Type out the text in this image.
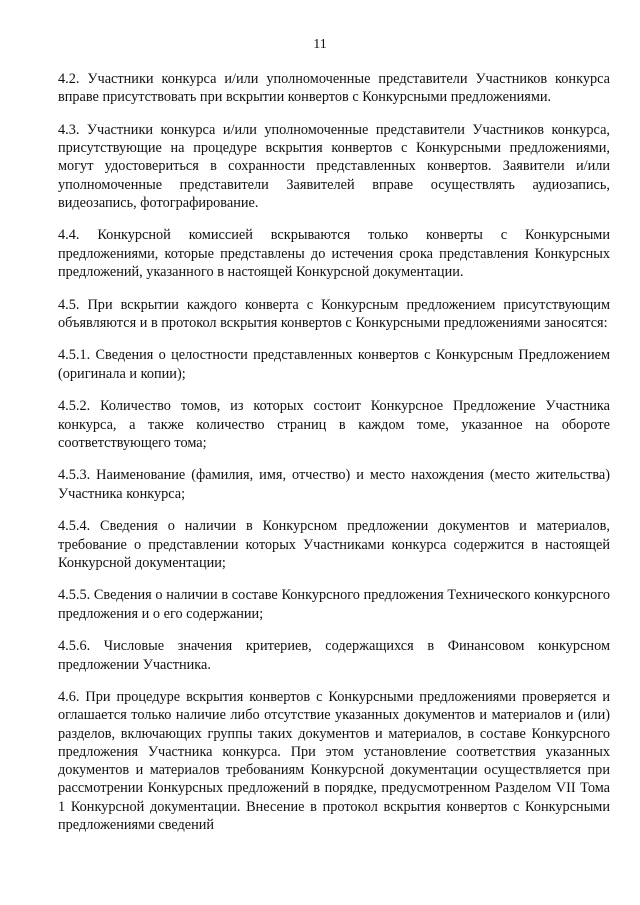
11

4.2. Участники конкурса и/или уполномоченные представители Участников конкурса вправе присутствовать при вскрытии конвертов с Конкурсными предложениями.

4.3. Участники конкурса и/или уполномоченные представители Участников конкурса, присутствующие на процедуре вскрытия конвертов с Конкурсными предложениями, могут удостовериться в сохранности представленных конвертов. Заявители и/или уполномоченные представители Заявителей вправе осуществлять аудиозапись, видеозапись, фотографирование.

4.4. Конкурсной комиссией вскрываются только конверты с Конкурсными предложениями, которые представлены до истечения срока представления Конкурсных предложений, указанного в настоящей Конкурсной документации.

4.5. При вскрытии каждого конверта с Конкурсным предложением присутствующим объявляются и в протокол вскрытия конвертов с Конкурсными предложениями заносятся:

4.5.1. Сведения о целостности представленных конвертов с Конкурсным Предложением (оригинала и копии);

4.5.2. Количество томов, из которых состоит Конкурсное Предложение Участника конкурса, а также количество страниц в каждом томе, указанное на обороте соответствующего тома;

4.5.3. Наименование (фамилия, имя, отчество) и место нахождения (место жительства) Участника конкурса;

4.5.4. Сведения о наличии в Конкурсном предложении документов и материалов, требование о представлении которых Участниками конкурса содержится в настоящей Конкурсной документации;

4.5.5. Сведения о наличии в составе Конкурсного предложения Технического конкурсного предложения и о его содержании;

4.5.6. Числовые значения критериев, содержащихся в Финансовом конкурсном предложении Участника.

4.6. При процедуре вскрытия конвертов с Конкурсными предложениями проверяется и оглашается только наличие либо отсутствие указанных документов и материалов и (или) разделов, включающих группы таких документов и материалов, в составе Конкурсного предложения Участника конкурса. При этом установление соответствия указанных документов и материалов требованиям Конкурсной документации осуществляется при рассмотрении Конкурсных предложений в порядке, предусмотренном Разделом VII Тома 1 Конкурсной документации. Внесение в протокол вскрытия конвертов с Конкурсными предложениями сведений
